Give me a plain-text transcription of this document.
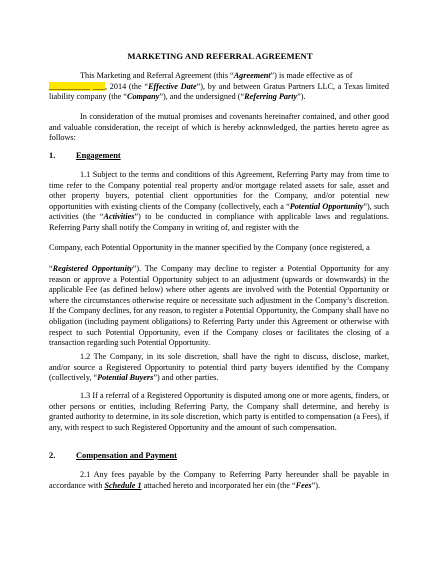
MARKETING AND REFERRAL AGREEMENT
This Marketing and Referral Agreement (this “Agreement”) is made effective as of
__________ ___, 2014 (the “Effective Date”), by and between Gratus Partners LLC, a Texas limited liability company (the “Company”), and the undersigned (“Referring Party”).
In consideration of the mutual promises and covenants hereinafter contained, and other good and valuable consideration, the receipt of which is hereby acknowledged, the parties hereto agree as follows:
1. Engagement
1.1 Subject to the terms and conditions of this Agreement, Referring Party may from time to time refer to the Company potential real property and/or mortgage related assets for sale, asset and other property buyers, potential client opportunities for the Company, and/or potential new opportunities with existing clients of the Company (collectively, each a “Potential Opportunity”), such activities (the “Activities”) to be conducted in compliance with applicable laws and regulations. Referring Party shall notify the Company in writing of, and register with the
Company, each Potential Opportunity in the manner specified by the Company (once registered, a
“Registered Opportunity”). The Company may decline to register a Potential Opportunity for any reason or approve a Potential Opportunity subject to an adjustment (upwards or downwards) in the applicable Fee (as defined below) where other agents are involved with the Potential Opportunity or where the circumstances otherwise require or necessitate such adjustment in the Company’s discretion. If the Company declines, for any reason, to register a Potential Opportunity, the Company shall have no obligation (including payment obligations) to Referring Party under this Agreement or otherwise with respect to such Potential Opportunity, even if the Company closes or facilitates the closing of a transaction regarding such Potential Opportunity.
1.2 The Company, in its sole discretion, shall have the right to discuss, disclose, market, and/or source a Registered Opportunity to potential third party buyers identified by the Company (collectively, “Potential Buyers”) and other parties.
1.3 If a referral of a Registered Opportunity is disputed among one or more agents, finders, or other persons or entities, including Referring Party, the Company shall determine, and hereby is granted authority to determine, in its sole discretion, which party is entitled to compensation (a Fees), if any, with respect to such Registered Opportunity and the amount of such compensation.
2. Compensation and Payment
2.1 Any fees payable by the Company to Referring Party hereunder shall be payable in accordance with Schedule 1 attached hereto and incorporated her ein (the “Fees”).
